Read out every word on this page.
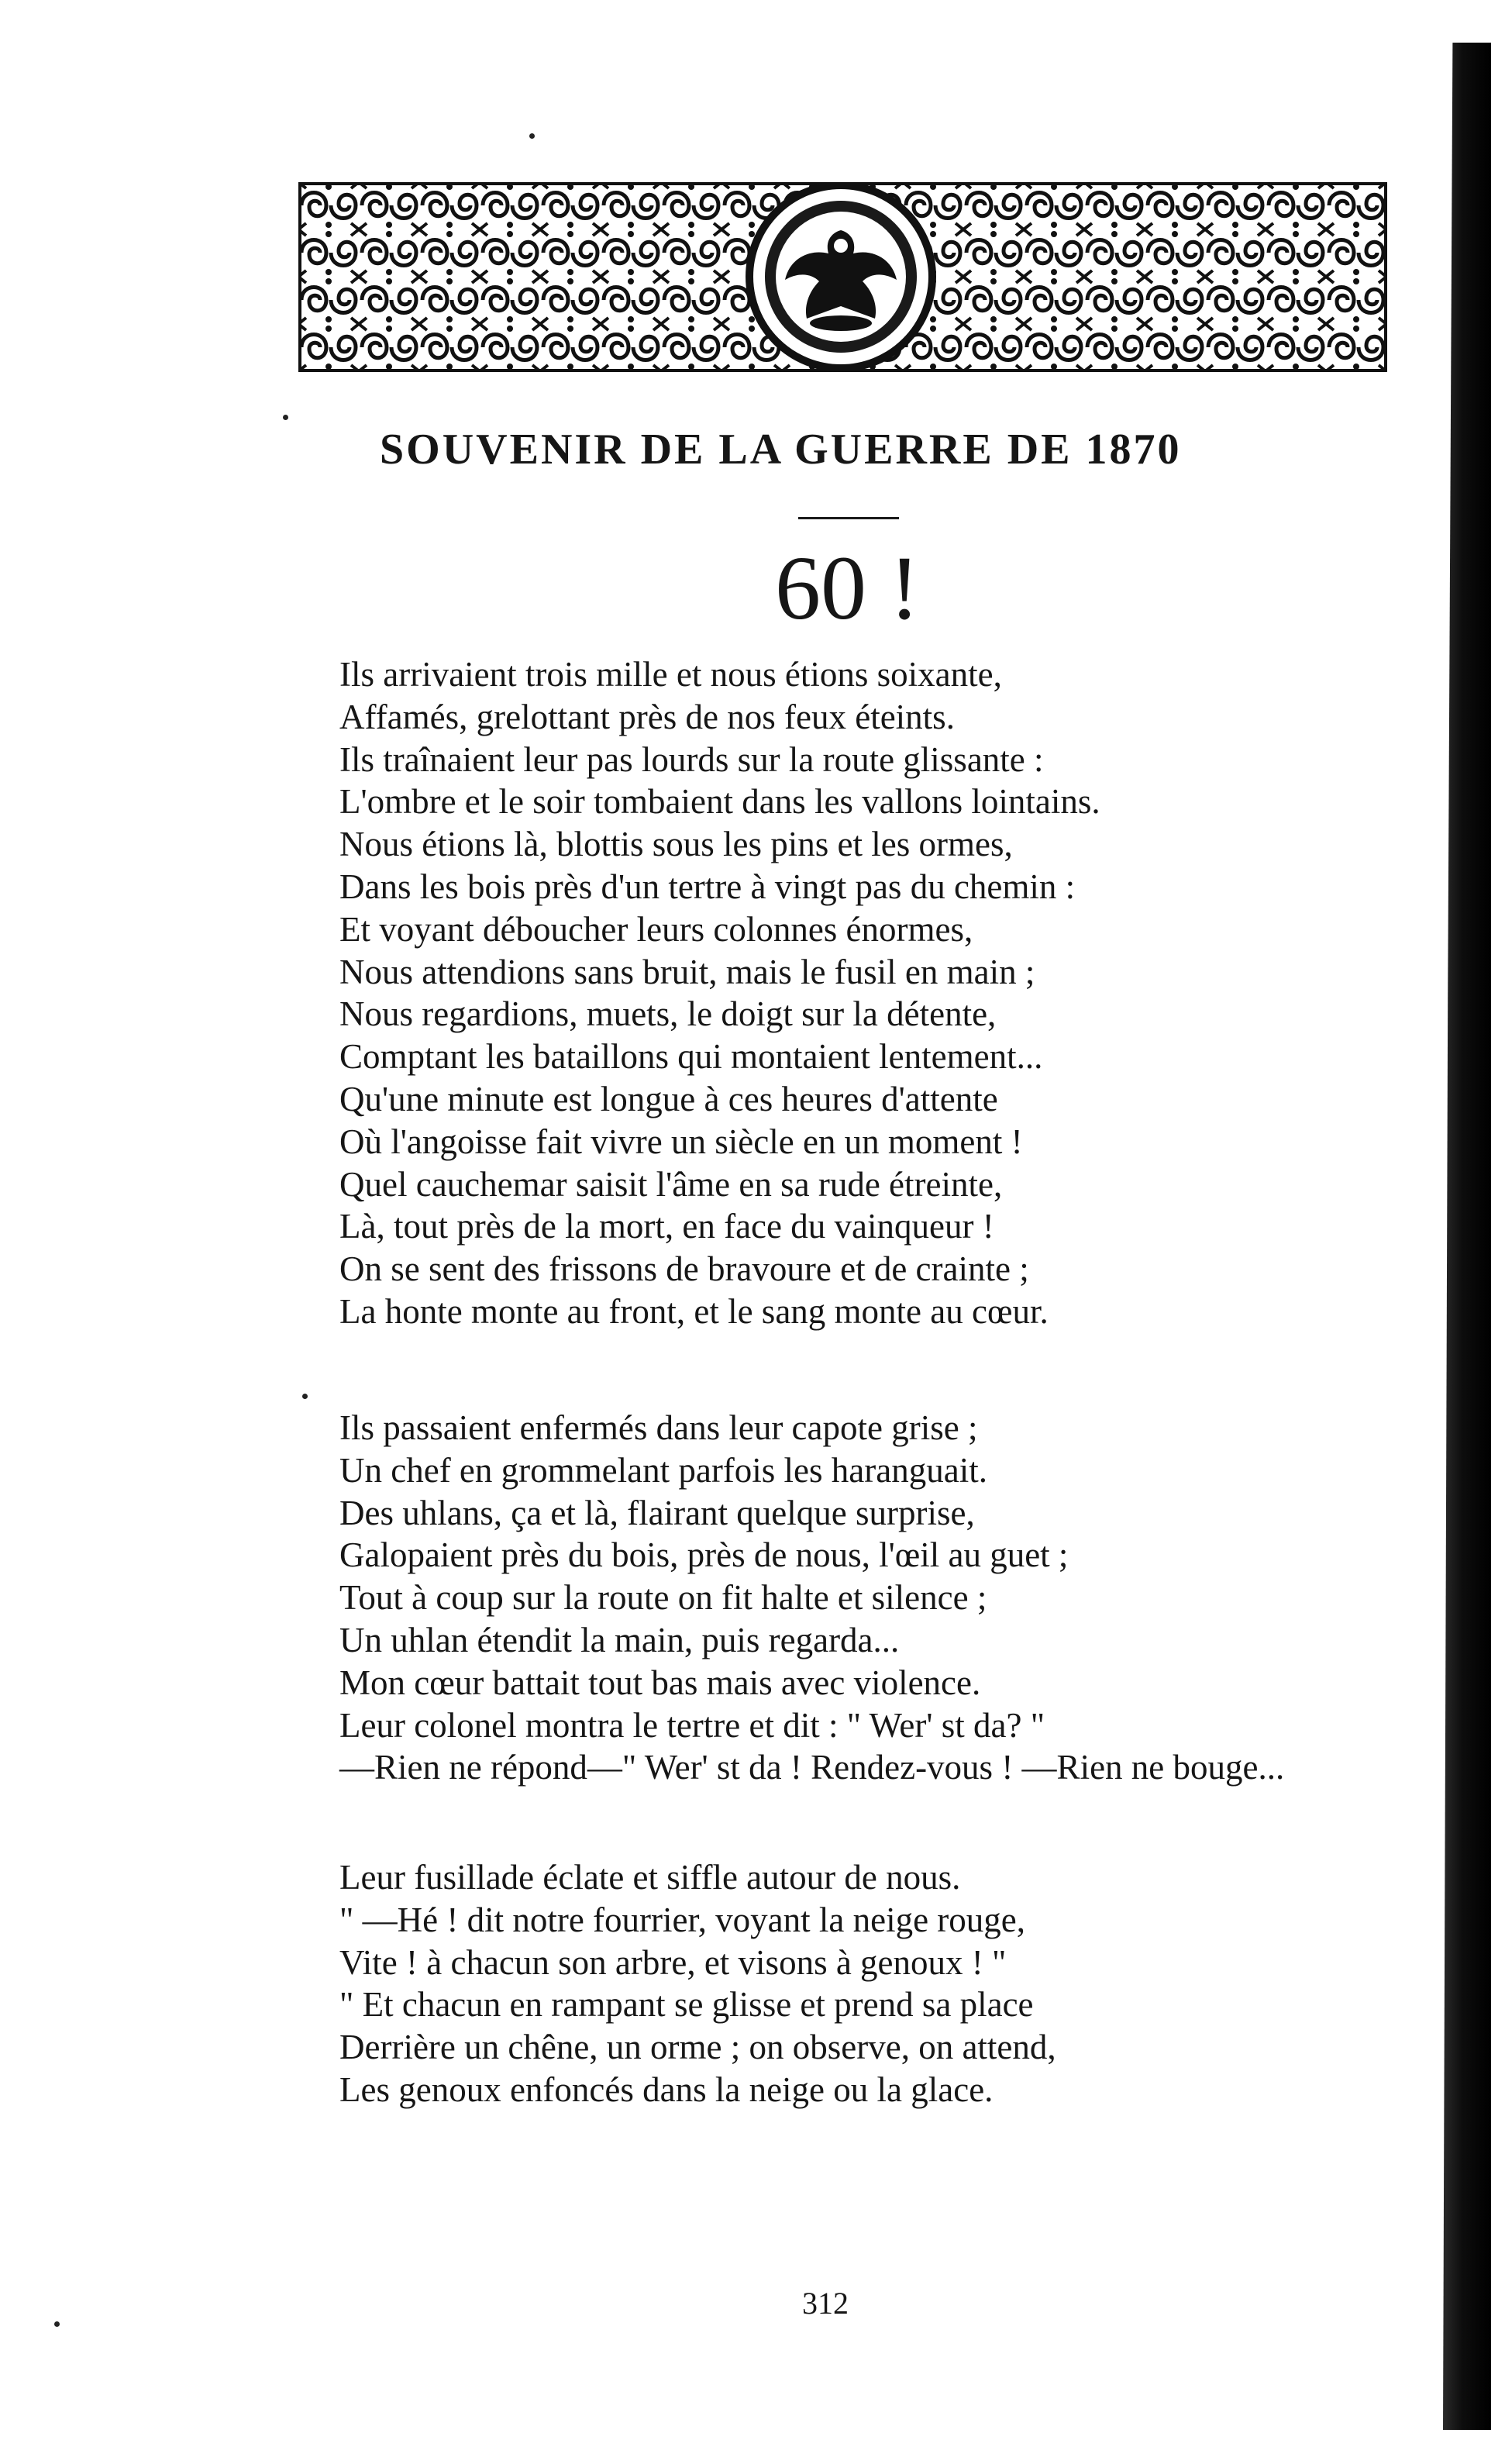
SOUVENIR DE LA GUERRE DE 1870
60 !
Ils arrivaient trois mille et nous étions soixante,
Affamés, grelottant près de nos feux éteints.
Ils traînaient leur pas lourds sur la route glissante :
L'ombre et le soir tombaient dans les vallons lointains.
Nous étions là, blottis sous les pins et les ormes,
Dans les bois près d'un tertre à vingt pas du chemin :
Et voyant déboucher leurs colonnes énormes,
Nous attendions sans bruit, mais le fusil en main ;
Nous regardions, muets, le doigt sur la détente,
Comptant les bataillons qui montaient lentement...
Qu'une minute est longue à ces heures d'attente
Où l'angoisse fait vivre un siècle en un moment !
Quel cauchemar saisit l'âme en sa rude étreinte,
Là, tout près de la mort, en face du vainqueur !
On se sent des frissons de bravoure et de crainte ;
La honte monte au front, et le sang monte au cœur.
Ils passaient enfermés dans leur capote grise ;
Un chef en grommelant parfois les haranguait.
Des uhlans, ça et là, flairant quelque surprise,
Galopaient près du bois, près de nous, l'œil au guet ;
Tout à coup sur la route on fit halte et silence ;
Un uhlan étendit la main, puis regarda...
Mon cœur battait tout bas mais avec violence.
Leur colonel montra le tertre et dit : " Wer' st da? "
—Rien ne répond—" Wer' st da ! Rendez-vous ! —Rien ne bouge...
Leur fusillade éclate et siffle autour de nous.
" —Hé ! dit notre fourrier, voyant la neige rouge,
Vite ! à chacun son arbre, et visons à genoux ! "
" Et chacun en rampant se glisse et prend sa place
Derrière un chêne, un orme ; on observe, on attend,
Les genoux enfoncés dans la neige ou la glace.
312
